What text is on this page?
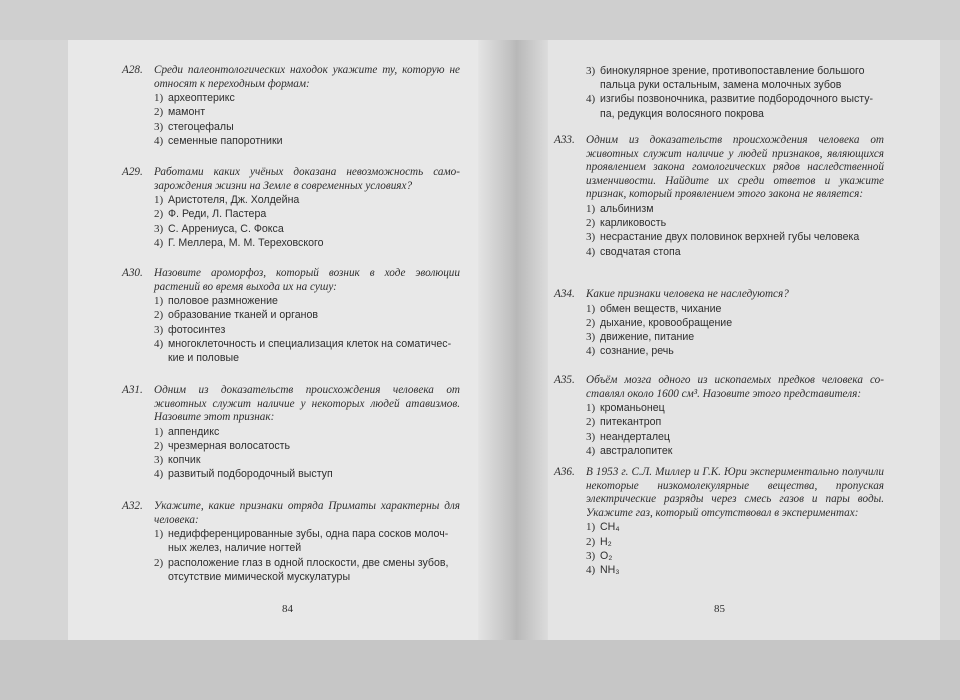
А28. Среди палеонтологических находок укажите ту, которую не относят к переходным формам:
1) археоптерикс
2) мамонт
3) стегоцефалы
4) семенные папоротники
А29. Работами каких учёных доказана невозможность самозарождения жизни на Земле в современных условиях?
1) Аристотеля, Дж. Холдейна
2) Ф. Реди, Л. Пастера
3) С. Аррениуса, С. Фокса
4) Г. Меллера, М. М. Тереховского
А30. Назовите ароморфоз, который возник в ходе эволюции растений во время выхода их на сушу:
1) половое размножение
2) образование тканей и органов
3) фотосинтез
4) многоклеточность и специализация клеток на соматические и половые
А31. Одним из доказательств происхождения человека от животных служит наличие у некоторых людей атавизмов. Назовите этот признак:
1) аппендикс
2) чрезмерная волосатость
3) копчик
4) развитый подбородочный выступ
А32. Укажите, какие признаки отряда Приматы характерны для человека:
1) недифференцированные зубы, одна пара сосков молочных желез, наличие ногтей
2) расположение глаз в одной плоскости, две смены зубов, отсутствие мимической мускулатуры
84
3) бинокулярное зрение, противопоставление большого пальца руки остальным, замена молочных зубов
4) изгибы позвоночника, развитие подбородочного выступа, редукция волосяного покрова
А33. Одним из доказательств происхождения человека от животных служит наличие у людей признаков, являющихся проявлением закона гомологических рядов наследственной изменчивости. Найдите их среди ответов и укажите признак, который проявлением этого закона не является:
1) альбинизм
2) карликовость
3) несрастание двух половинок верхней губы человека
4) сводчатая стопа
А34. Какие признаки человека не наследуются?
1) обмен веществ, чихание
2) дыхание, кровообращение
3) движение, питание
4) сознание, речь
А35. Объём мозга одного из ископаемых предков человека составлял около 1600 см³. Назовите этого представителя:
1) кроманьонец
2) питекантроп
3) неандерталец
4) австралопитек
А36. В 1953 г. С.Л. Миллер и Г.К. Юри экспериментально получили некоторые низкомолекулярные вещества, пропуская электрические разряды через смесь газов и пары воды. Укажите газ, который отсутствовал в экспериментах:
1) CH₄
2) H₂
3) O₂
4) NH₃
85
